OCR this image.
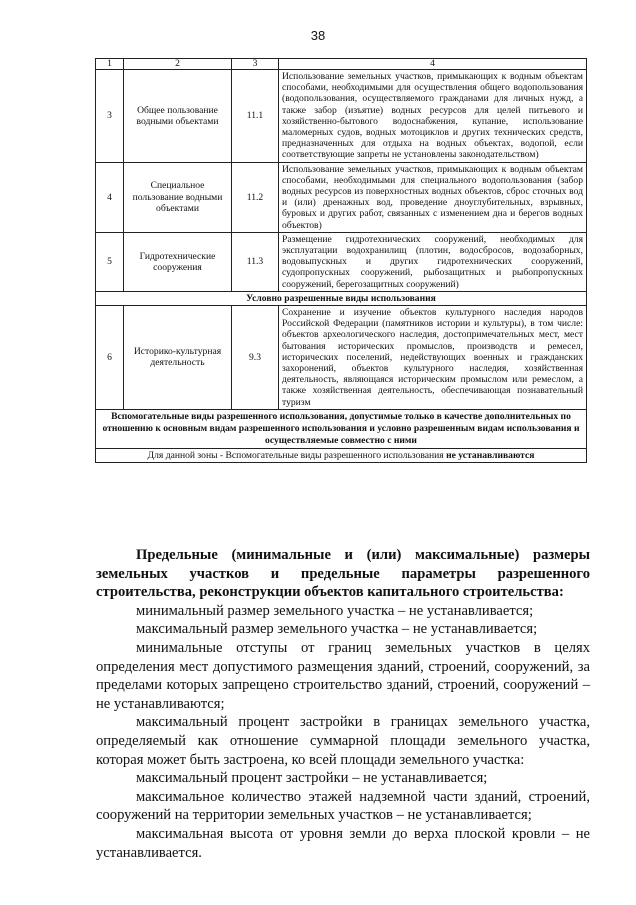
38
1	2	3	4
3	Общее пользование водными объектами	11.1	Использование земельных участков, примыкающих к водным объектам способами, необходимыми для осуществления общего водопользования (водопользования, осуществляемого гражданами для личных нужд, а также забор (изъятие) водных ресурсов для целей питьевого и хозяйственно-бытового водоснабжения, купание, использование маломерных судов, водных мотоциклов и других технических средств, предназначенных для отдыха на водных объектах, водопой, если соответствующие запреты не установлены законодательством)
4	Специальное пользование водными объектами	11.2	Использование земельных участков, примыкающих к водным объектам способами, необходимыми для специального водопользования (забор водных ресурсов из поверхностных водных объектов, сброс сточных вод и (или) дренажных вод, проведение дноуглубительных, взрывных, буровых и других работ, связанных с изменением дна и берегов водных объектов)
5	Гидротехнические сооружения	11.3	Размещение гидротехнических сооружений, необходимых для эксплуатации водохранилищ (плотин, водосбросов, водозаборных, водовыпускных и других гидротехнических сооружений, судопропускных сооружений, рыбозащитных и рыбопропускных сооружений, берегозащитных сооружений)
Условно разрешенные виды использования			
6	Историко-культурная деятельность	9.3	Сохранение и изучение объектов культурного наследия народов Российской Федерации (памятников истории и культуры), в том числе: объектов археологического наследия, достопримечательных мест, мест бытования исторических промыслов, производств и ремесел, исторических поселений, недействующих военных и гражданских захоронений, объектов культурного наследия, хозяйственная деятельность, являющаяся историческим промыслом или ремеслом, а также хозяйственная деятельность, обеспечивающая познавательный туризм
Вспомогательные виды разрешенного использования, допустимые только в качестве дополнительных по отношению к основным видам разрешенного использования и условно разрешенным видам использования и осуществляемые совместно с ними			
Для данной зоны - Вспомогательные виды разрешенного использования не устанавливаются			

Предельные (минимальные и (или) максимальные) размеры земельных участков и предельные параметры разрешенного строительства, реконструкции объектов капитального строительства:

минимальный размер земельного участка – не устанавливается;

максимальный размер земельного участка – не устанавливается;

минимальные отступы от границ земельных участков в целях определения мест допустимого размещения зданий, строений, сооружений, за пределами которых запрещено строительство зданий, строений, сооружений – не устанавливаются;

максимальный процент застройки в границах земельного участка, определяемый как отношение суммарной площади земельного участка, которая может быть застроена, ко всей площади земельного участка:

максимальный процент застройки – не устанавливается;

максимальное количество этажей надземной части зданий, строений, сооружений на территории земельных участков – не устанавливается;

максимальная высота от уровня земли до верха плоской кровли – не устанавливается.
